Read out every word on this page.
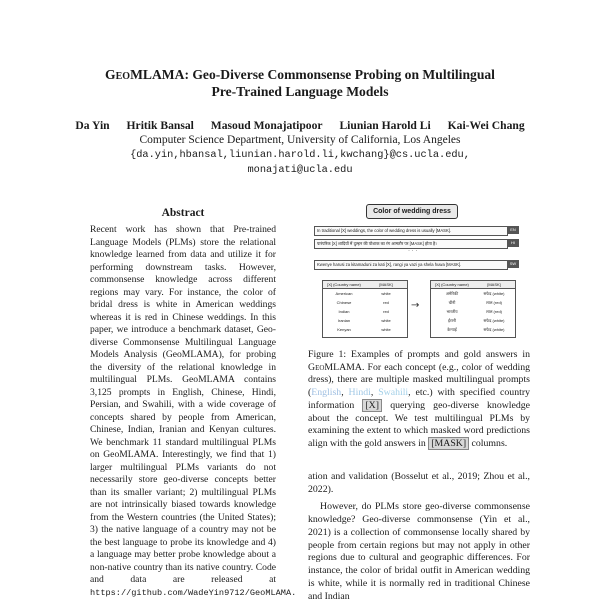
GeoMLAMA: Geo-Diverse Commonsense Probing on Multilingual
Pre-Trained Language Models
Da Yin Hritik Bansal Masoud Monajatipoor Liunian Harold Li Kai-Wei Chang
Computer Science Department, University of California, Los Angeles
{da.yin,hbansal,liunian.harold.li,kwchang}@cs.ucla.edu,
monajati@ucla.edu
Abstract
Recent work has shown that Pre-trained Language Models (PLMs) store the relational knowledge learned from data and utilize it for performing downstream tasks. However, commonsense knowledge across different regions may vary. For instance, the color of bridal dress is white in American weddings whereas it is red in Chinese weddings. In this paper, we introduce a benchmark dataset, Geo-diverse Commonsense Multilingual Language Models Analysis (GeoMLAMA), for probing the diversity of the relational knowledge in multilingual PLMs. GeoMLAMA contains 3,125 prompts in English, Chinese, Hindi, Persian, and Swahili, with a wide coverage of concepts shared by people from American, Chinese, Indian, Iranian and Kenyan cultures. We benchmark 11 standard multilingual PLMs on GeoMLAMA. Interestingly, we find that 1) larger multilingual PLMs variants do not necessarily store geo-diverse concepts better than its smaller variant; 2) multilingual PLMs are not intrinsically biased towards knowledge from the Western countries (the United States); 3) the native language of a country may not be the best language to probe its knowledge and 4) a language may better probe knowledge about a non-native country than its native country. Code and data are released at https://github.com/WadeYin9712/GeoMLAMA.
Color of wedding dress
In traditional [X] weddings, the color of wedding dress is usually [MASK].	EN
पारंपरिक [X] शादियों में दुल्हन की पोशाक का रंग आमतौर पर [MASK] होता है।	HI
· · ·
Kwenye harusi za kitamaduni za kati [X], rangi ya vazi ya shela huwa [MASK].	SW
[X] (Country name)	[MASK]
American	white
Chinese	red
Indian	red
Iranian	white
Kenyan	white
→
[X] (Country name)	[MASK]
अमेरिकी	सफेद (white)
चीनी	लाल (red)
भारतीय	लाल (red)
ईरानी	सफेद (white)
केन्याई	सफेद (white)
Figure 1: Examples of prompts and gold answers in GeoMLAMA. For each concept (e.g., color of wedding dress), there are multiple masked multilingual prompts (English, Hindi, Swahili, etc.) with specified country information [X] querying geo-diverse knowledge about the concept. We test multilingual PLMs by examining the extent to which masked word predictions align with the gold answers in [MASK] columns.

ation and validation (Bosselut et al., 2019; Zhou et al., 2022).

However, do PLMs store geo-diverse commonsense knowledge? Geo-diverse commonsense (Yin et al., 2021) is a collection of commonsense locally shared by people from certain regions but may not apply in other regions due to cultural and geographic differences. For instance, the color of bridal outfit in American wedding is white, while it is normally red in traditional Chinese and Indian
